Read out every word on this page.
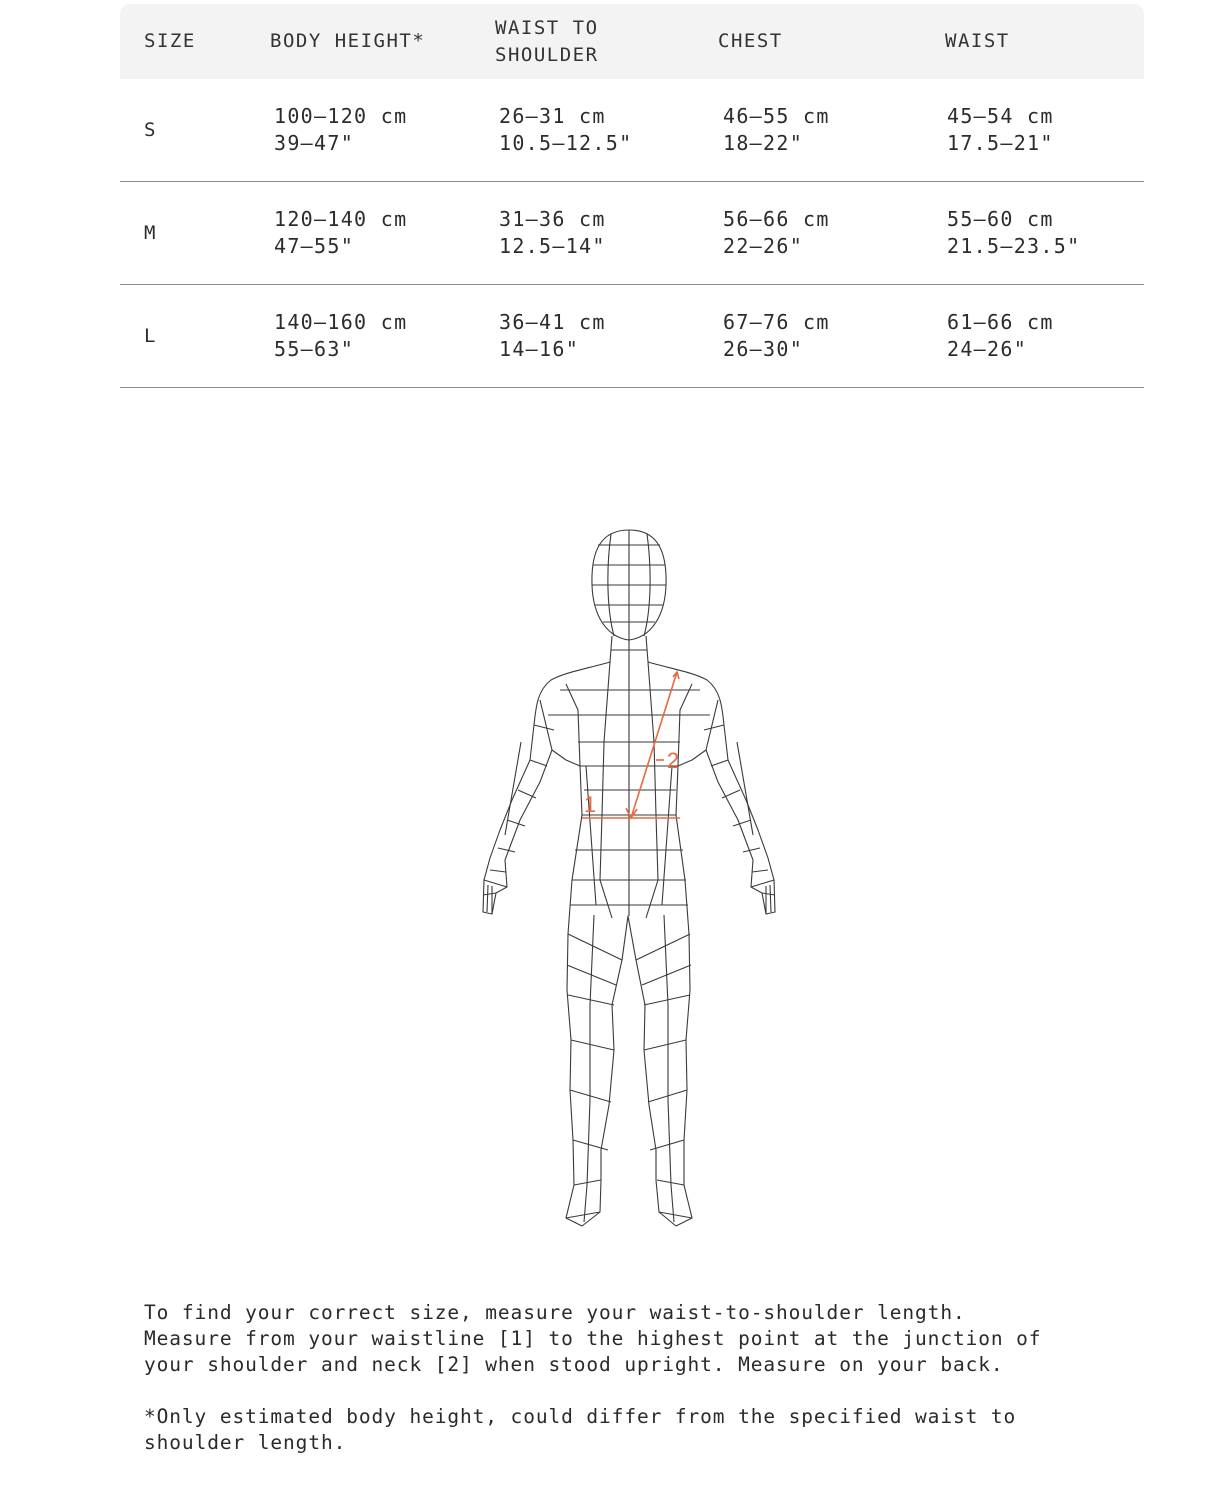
SIZE	BODY HEIGHT*
WAIST TO
SHOULDER
CHEST	WAIST
S
100–120 cm
39–47"
26–31 cm
10.5–12.5"
46–55 cm
18–22"
45–54 cm
17.5–21"
M
120–140 cm
47–55"
31–36 cm
12.5–14"
56–66 cm
22–26"
55–60 cm
21.5–23.5"
L
140–160 cm
55–63"
36–41 cm
14–16"
67–76 cm
26–30"
61–66 cm
24–26"
1
2

To find your correct size, measure your waist-to-shoulder length. Measure from your waistline [1] to the highest point at the junction of your shoulder and neck [2] when stood upright. Measure on your back.

*Only estimated body height, could differ from the specified waist to shoulder length.
